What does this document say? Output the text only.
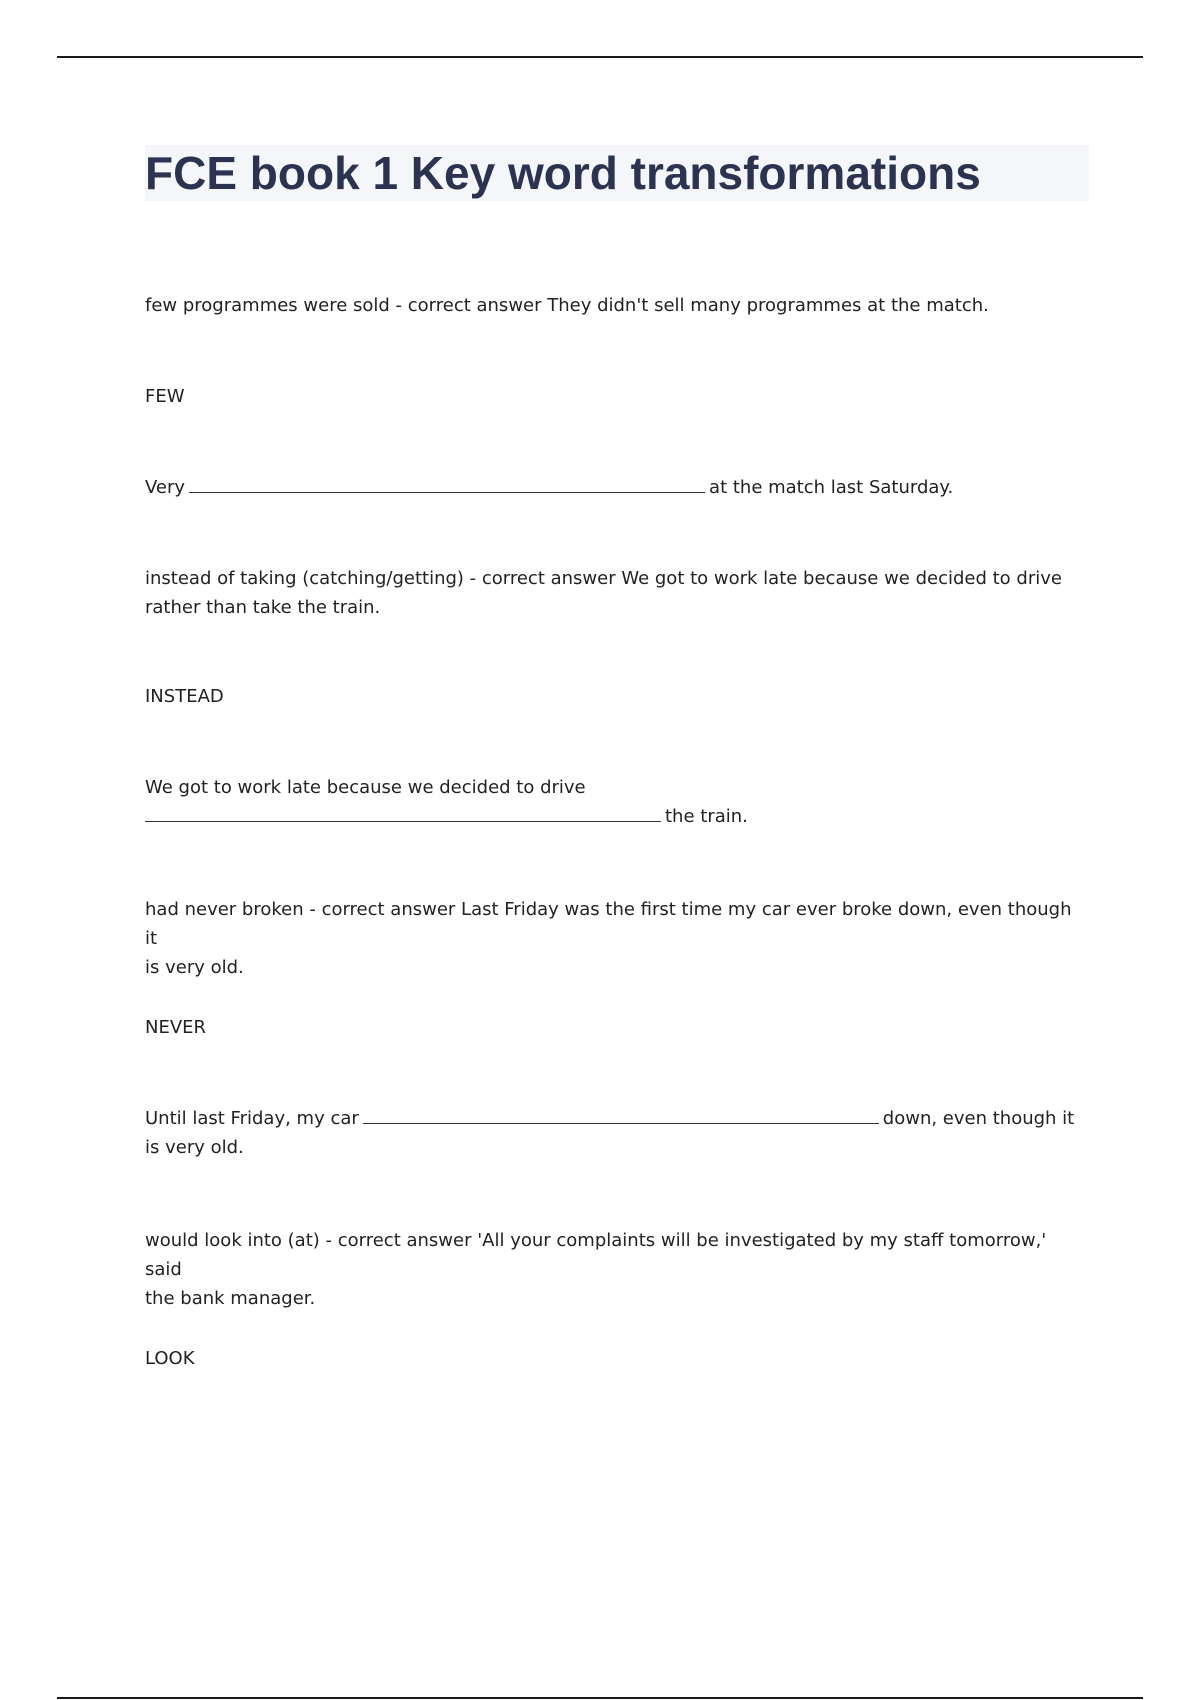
FCE book 1 Key word transformations

few programmes were sold - correct answer They didn't sell many programmes at the match.

FEW

Very	at the match last Saturday.

instead of taking (catching/getting) - correct answer We got to work late because we decided to drive
rather than take the train.

INSTEAD

We got to work late because we decided to drive
the train.

had never broken - correct answer Last Friday was the first time my car ever broke down, even though it
is very old.

NEVER

Until last Friday, my car	down, even though it
is very old.

would look into (at) - correct answer 'All your complaints will be investigated by my staff tomorrow,' said
the bank manager.

LOOK
